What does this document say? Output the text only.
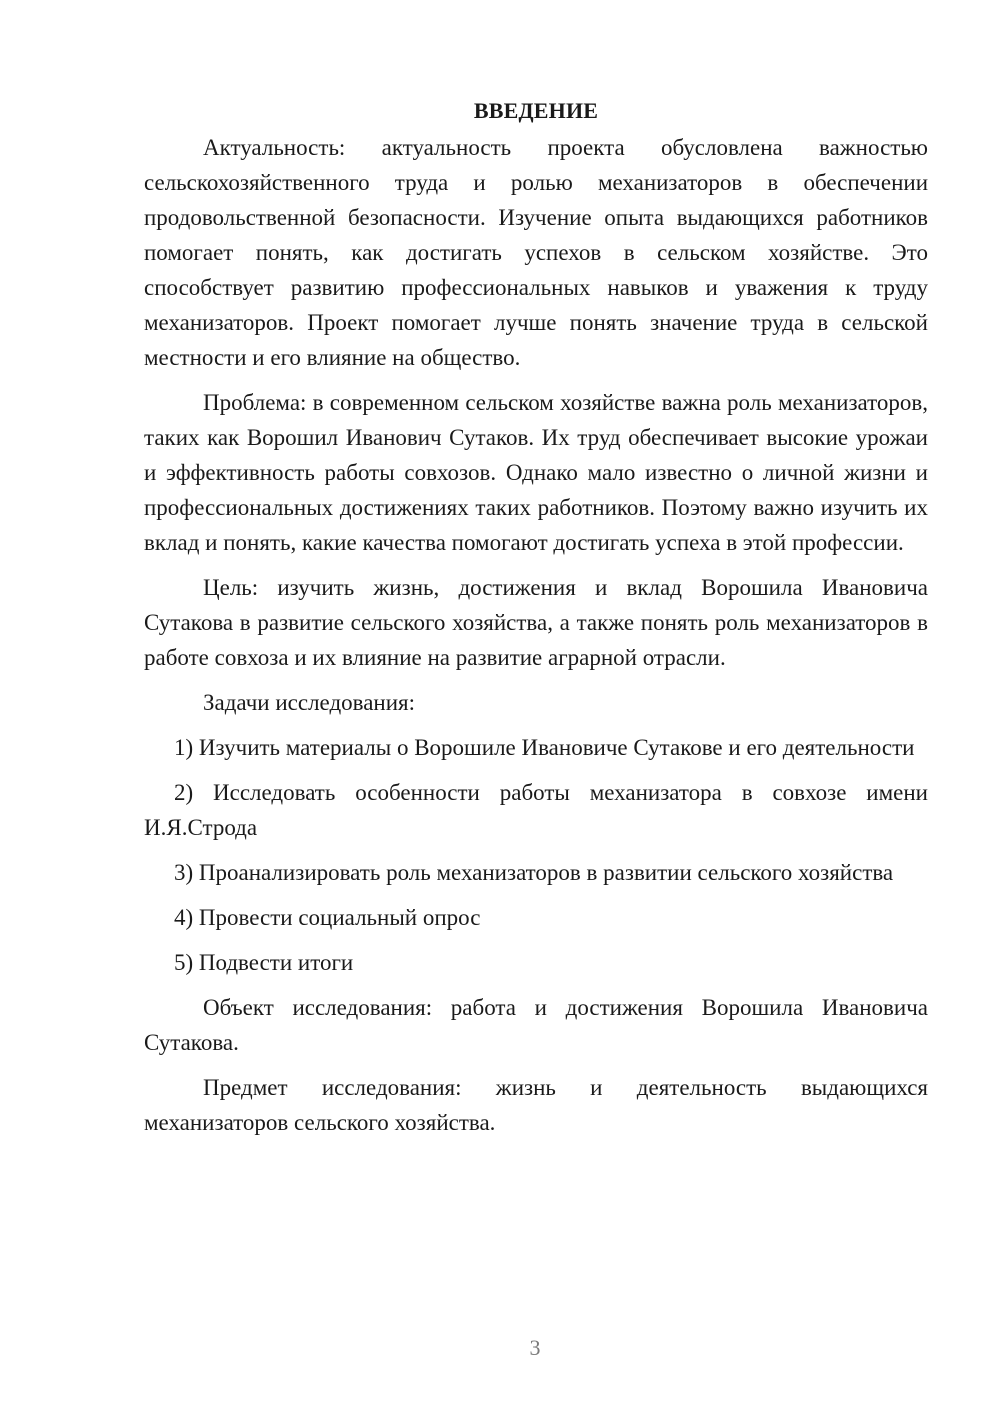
ВВЕДЕНИЕ

Актуальность: актуальность проекта обусловлена важностью сельскохозяйственного труда и ролью механизаторов в обеспечении продовольственной безопасности. Изучение опыта выдающихся работников помогает понять, как достигать успехов в сельском хозяйстве. Это способствует развитию профессиональных навыков и уважения к труду механизаторов. Проект помогает лучше понять значение труда в сельской местности и его влияние на общество.

Проблема: в современном сельском хозяйстве важна роль механизаторов, таких как Ворошил Иванович Сутаков. Их труд обеспечивает высокие урожаи и эффективность работы совхозов. Однако мало известно о личной жизни и профессиональных достижениях таких работников. Поэтому важно изучить их вклад и понять, какие качества помогают достигать успеха в этой профессии.

Цель: изучить жизнь, достижения и вклад Ворошила Ивановича Сутакова в развитие сельского хозяйства, а также понять роль механизаторов в работе совхоза и их влияние на развитие аграрной отрасли.

Задачи исследования:

1) Изучить материалы о Ворошиле Ивановиче Сутакове и его деятельности

2) Исследовать особенности работы механизатора в совхозе имени И.Я.Строда

3) Проанализировать роль механизаторов в развитии сельского хозяйства

4) Провести социальный опрос

5) Подвести итоги

Объект исследования: работа и достижения Ворошила Ивановича Сутакова.

Предмет исследования: жизнь и деятельность выдающихся механизаторов сельского хозяйства.

3
